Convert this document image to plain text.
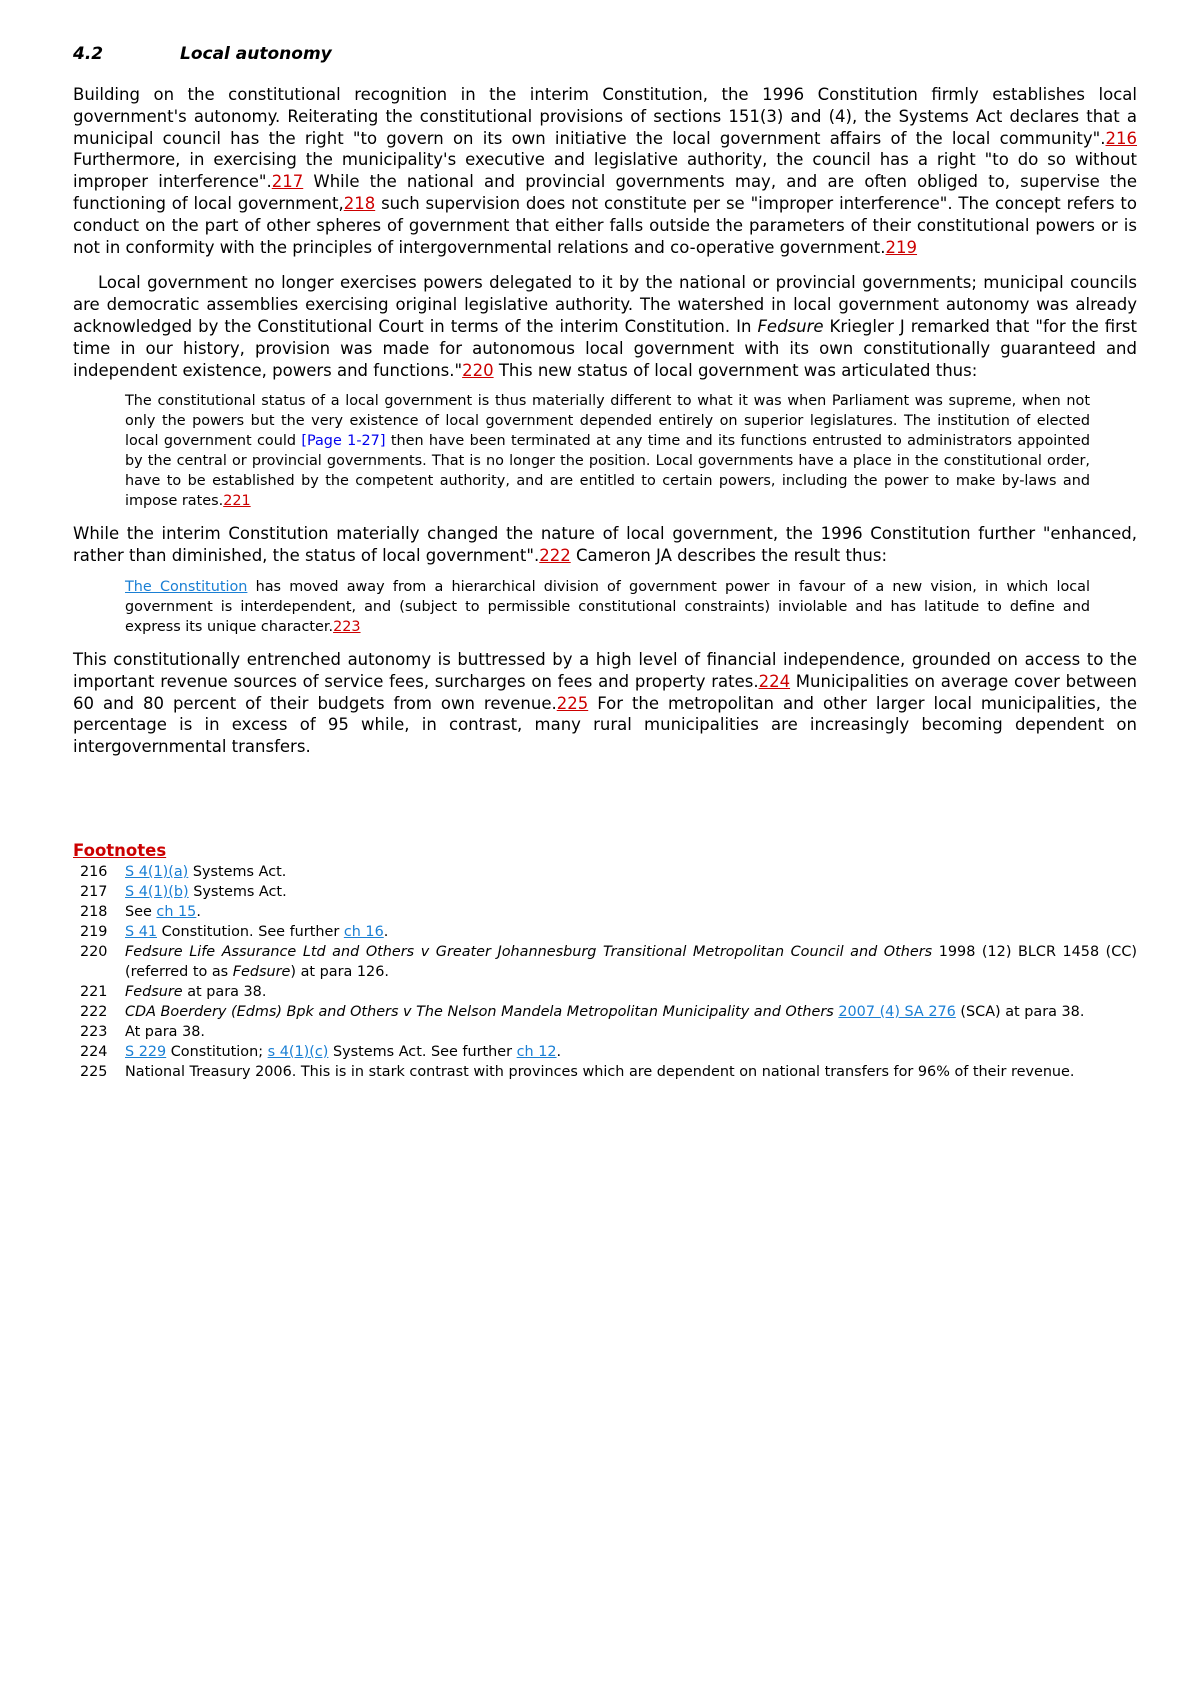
4.2	Local autonomy

Building on the constitutional recognition in the interim Constitution, the 1996 Constitution firmly establishes local government's autonomy. Reiterating the constitutional provisions of sections 151(3) and (4), the Systems Act declares that a municipal council has the right "to govern on its own initiative the local government affairs of the local community".216 Furthermore, in exercising the municipality's executive and legislative authority, the council has a right "to do so without improper interference".217 While the national and provincial governments may, and are often obliged to, supervise the functioning of local government,218 such supervision does not constitute per se "improper interference". The concept refers to conduct on the part of other spheres of government that either falls outside the parameters of their constitutional powers or is not in conformity with the principles of intergovernmental relations and co-operative government.219

Local government no longer exercises powers delegated to it by the national or provincial governments; municipal councils are democratic assemblies exercising original legislative authority. The watershed in local government autonomy was already acknowledged by the Constitutional Court in terms of the interim Constitution. In Fedsure Kriegler J remarked that "for the first time in our history, provision was made for autonomous local government with its own constitutionally guaranteed and independent existence, powers and functions."220 This new status of local government was articulated thus:

The constitutional status of a local government is thus materially different to what it was when Parliament was supreme, when not only the powers but the very existence of local government depended entirely on superior legislatures. The institution of elected local government could [Page 1-27] then have been terminated at any time and its functions entrusted to administrators appointed by the central or provincial governments. That is no longer the position. Local governments have a place in the constitutional order, have to be established by the competent authority, and are entitled to certain powers, including the power to make by-laws and impose rates.221

While the interim Constitution materially changed the nature of local government, the 1996 Constitution further "enhanced, rather than diminished, the status of local government".222 Cameron JA describes the result thus:

The Constitution has moved away from a hierarchical division of government power in favour of a new vision, in which local government is interdependent, and (subject to permissible constitutional constraints) inviolable and has latitude to define and express its unique character.223

This constitutionally entrenched autonomy is buttressed by a high level of financial independence, grounded on access to the important revenue sources of service fees, surcharges on fees and property rates.224 Municipalities on average cover between 60 and 80 percent of their budgets from own revenue.225 For the metropolitan and other larger local municipalities, the percentage is in excess of 95 while, in contrast, many rural municipalities are increasingly becoming dependent on intergovernmental transfers.

Footnotes
216	S 4(1)(a) Systems Act.
217	S 4(1)(b) Systems Act.
218	See ch 15.
219	S 41 Constitution. See further ch 16.
220	Fedsure Life Assurance Ltd and Others v Greater Johannesburg Transitional Metropolitan Council and Others 1998 (12) BLCR 1458 (CC) (referred to as Fedsure) at para 126.
221	Fedsure at para 38.
222	CDA Boerdery (Edms) Bpk and Others v The Nelson Mandela Metropolitan Municipality and Others 2007 (4) SA 276 (SCA) at para 38.
223	At para 38.
224	S 229 Constitution; s 4(1)(c) Systems Act. See further ch 12.
225	National Treasury 2006. This is in stark contrast with provinces which are dependent on national transfers for 96% of their revenue.
